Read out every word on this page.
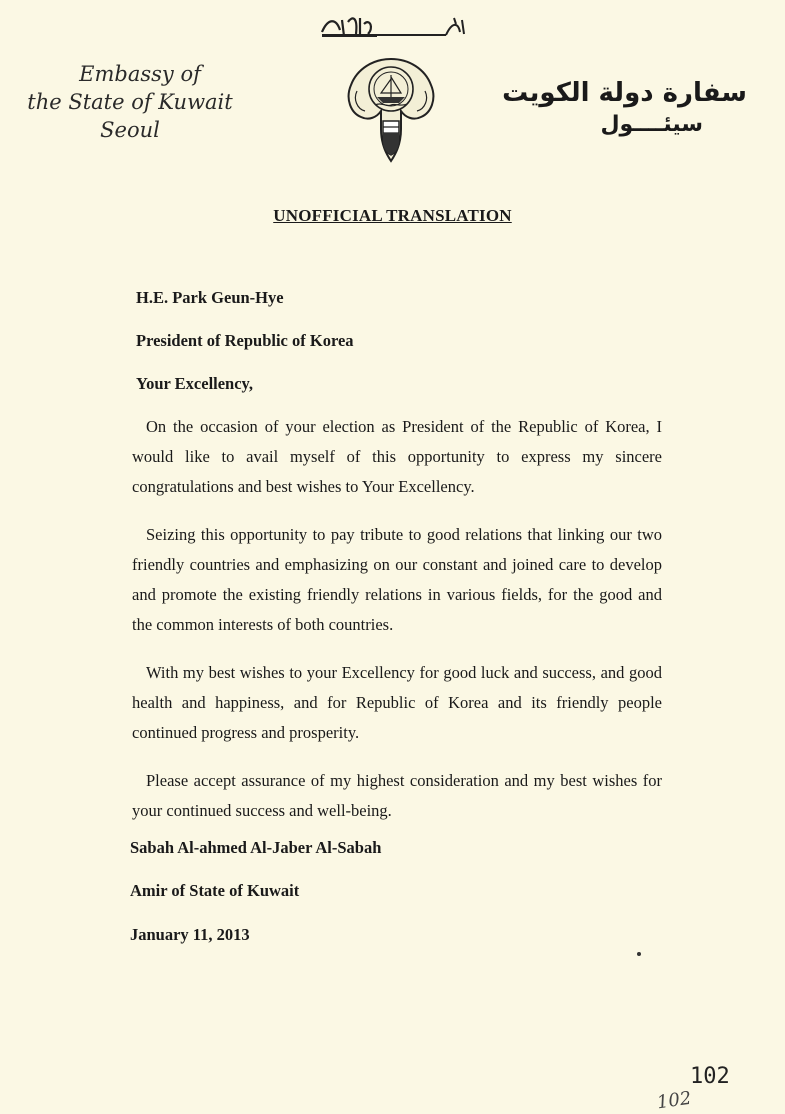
Embassy of
the State of Kuwait
Seoul
سفارة دولة الكويت
سيئــــول
UNOFFICIAL TRANSLATION
H.E. Park Geun-Hye
President of Republic of Korea
Your Excellency,

On the occasion of your election as President of the Republic of Korea, I would like to avail myself of this opportunity to express my sincere congratulations and best wishes to Your Excellency.

Seizing this opportunity to pay tribute to good relations that linking our two friendly countries and emphasizing on our constant and joined care to develop and promote the existing friendly relations in various fields, for the good and the common interests of both countries.

With my best wishes to your Excellency for good luck and success, and good health and happiness, and for Republic of Korea and its friendly people continued progress and prosperity.

Please accept assurance of my highest consideration and my best wishes for your continued success and well-being.

Sabah Al-ahmed Al-Jaber Al-Sabah
Amir of State of Kuwait
January 11, 2013
102
102
